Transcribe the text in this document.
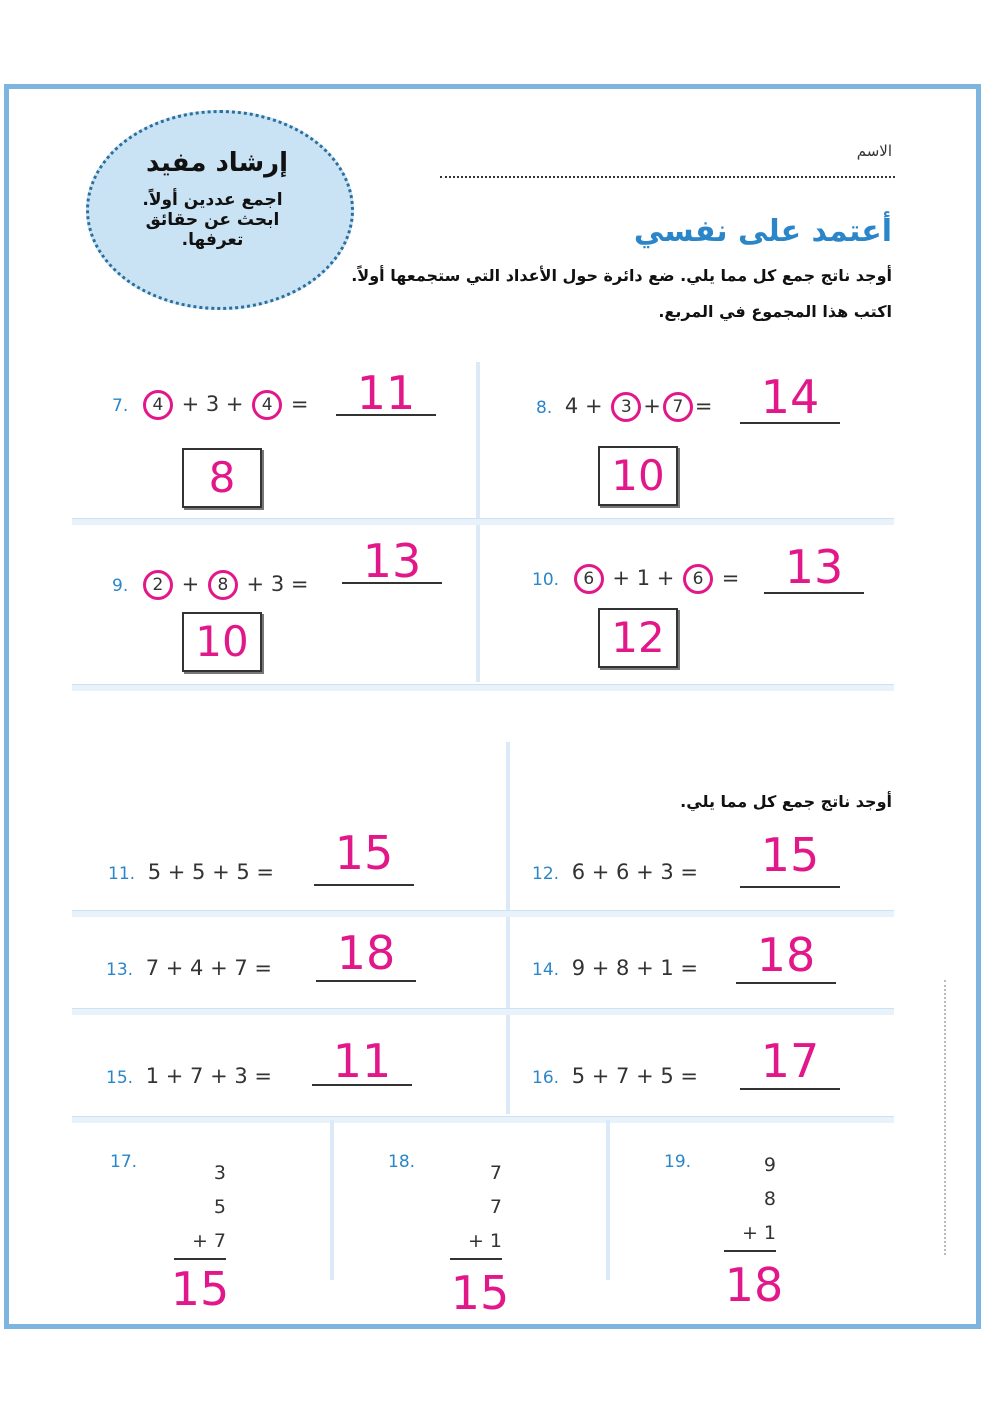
إرشاد مفيد
اجمع عددين أولاً.
ابحث عن حقائق
تعرفها.
الاسم
أعتمد على نفسي
أوجد ناتج جمع كل مما يلي. ضع دائرة حول الأعداد التي ستجمعها أولاً.
اكتب هذا المجموع في المربع.
7. 4 + 3 + 4 =	11
8
8. 4 + 3 + 7 =	14
10
9. 2 + 8 + 3 =	13
10
10. 6 + 1 + 6 = 13
12
أوجد ناتج جمع كل مما يلي.
11. 5 + 5 + 5 =	15	12. 6 + 6 + 3 =	15
13. 7 + 4 + 7 =	18	14. 9 + 8 + 1 =	18
15. 1 + 7 + 3 =	11	16. 5 + 7 + 5 =	17
17.	3
5
+ 7
15
18.	7
7
+ 1
15
19.	9
8
+ 1
18
